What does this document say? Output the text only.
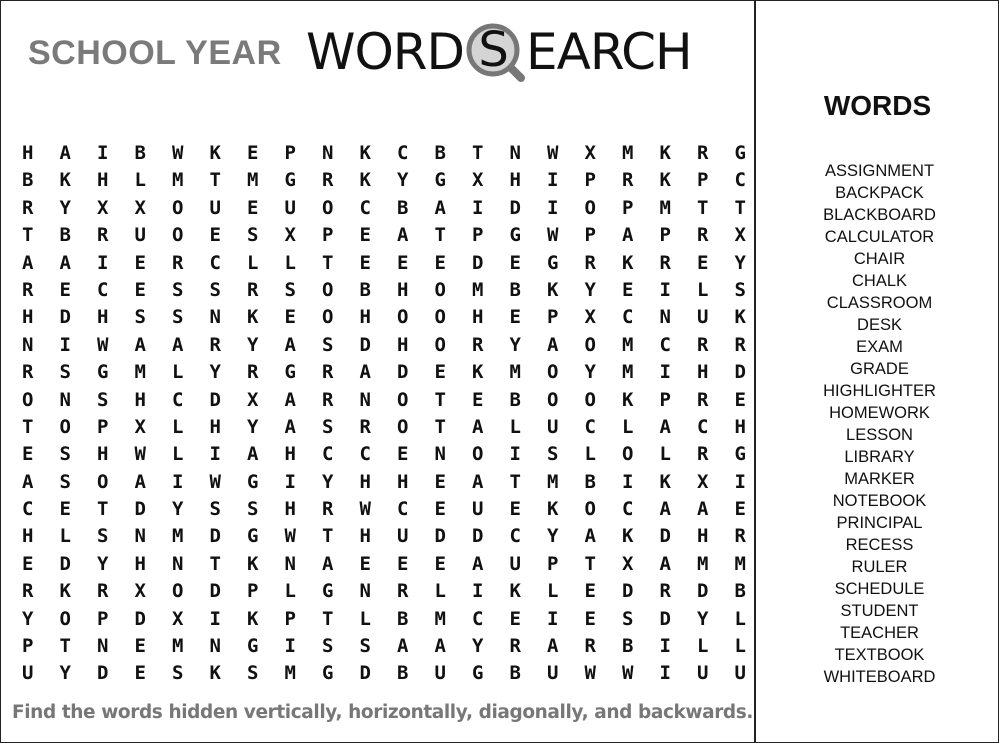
SCHOOL YEAR WORD S EARCH
H	A	I	B	W	K	E	P	N	K	C	B	T	N	W	X	M	K	R	G
B	K	H	L	M	T	M	G	R	K	Y	G	X	H	I	P	R	K	P	C
R	Y	X	X	O	U	E	U	O	C	B	A	I	D	I	O	P	M	T	T
T	B	R	U	O	E	S	X	P	E	A	T	P	G	W	P	A	P	R	X
A	A	I	E	R	C	L	L	T	E	E	E	D	E	G	R	K	R	E	Y
R	E	C	E	S	S	R	S	O	B	H	O	M	B	K	Y	E	I	L	S
H	D	H	S	S	N	K	E	O	H	O	O	H	E	P	X	C	N	U	K
N	I	W	A	A	R	Y	A	S	D	H	O	R	Y	A	O	M	C	R	R
R	S	G	M	L	Y	R	G	R	A	D	E	K	M	O	Y	M	I	H	D
O	N	S	H	C	D	X	A	R	N	O	T	E	B	O	O	K	P	R	E
T	O	P	X	L	H	Y	A	S	R	O	T	A	L	U	C	L	A	C	H
E	S	H	W	L	I	A	H	C	C	E	N	O	I	S	L	O	L	R	G
A	S	O	A	I	W	G	I	Y	H	H	E	A	T	M	B	I	K	X	I
C	E	T	D	Y	S	S	H	R	W	C	E	U	E	K	O	C	A	A	E
H	L	S	N	M	D	G	W	T	H	U	D	D	C	Y	A	K	D	H	R
E	D	Y	H	N	T	K	N	A	E	E	E	A	U	P	T	X	A	M	M
R	K	R	X	O	D	P	L	G	N	R	L	I	K	L	E	D	R	D	B
Y	O	P	D	X	I	K	P	T	L	B	M	C	E	I	E	S	D	Y	L
P	T	N	E	M	N	G	I	S	S	A	A	Y	R	A	R	B	I	L	L
U	Y	D	E	S	K	S	M	G	D	B	U	G	B	U	W	W	I	U	U
Find the words hidden vertically, horizontally, diagonally, and backwards.
WORDS
ASSIGNMENT
BACKPACK
BLACKBOARD
CALCULATOR
CHAIR
CHALK
CLASSROOM
DESK
EXAM
GRADE
HIGHLIGHTER
HOMEWORK
LESSON
LIBRARY
MARKER
NOTEBOOK
PRINCIPAL
RECESS
RULER
SCHEDULE
STUDENT
TEACHER
TEXTBOOK
WHITEBOARD
